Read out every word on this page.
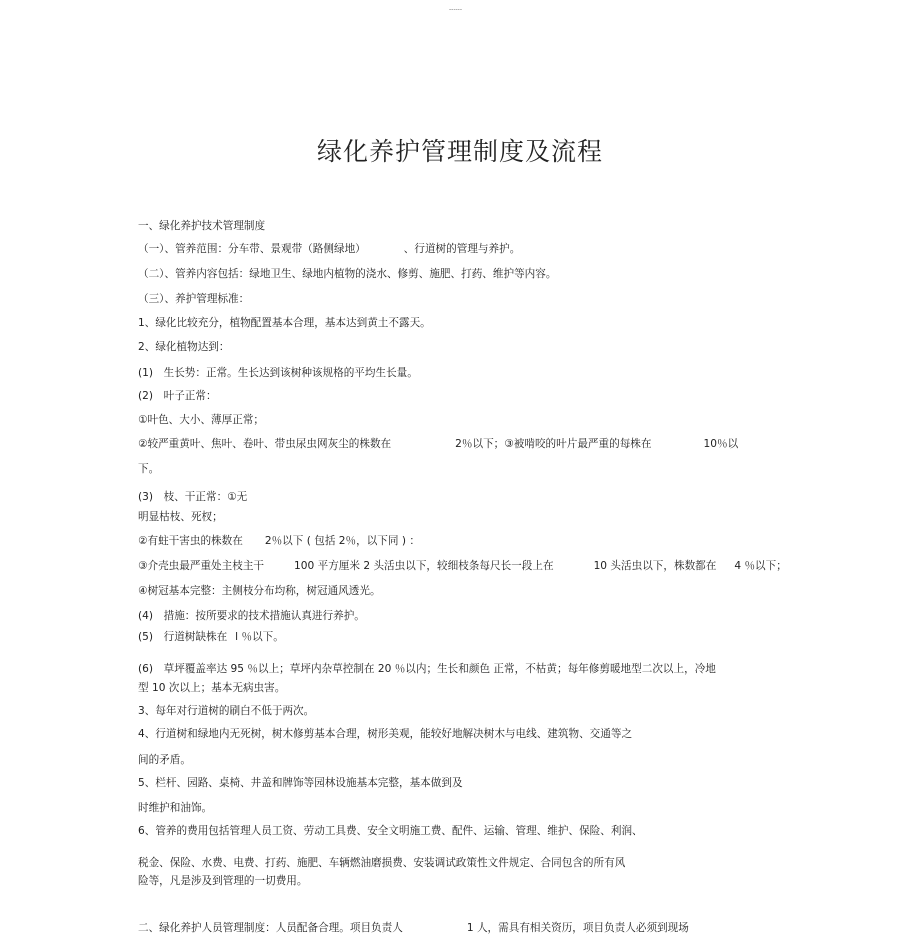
------
绿化养护管理制度及流程
一、绿化养护技术管理制度
（一）、管养范围：分车带、景观带（路侧绿地）	、行道树的管理与养护。
（二）、管养内容包括：绿地卫生、绿地内植物的浇水、修剪、施肥、打药、维护等内容。
（三）、养护管理标准：
1、绿化比较充分，植物配置基本合理，基本达到黄土不露天。
2、绿化植物达到：
(1)　生长势：正常。生长达到该树种该规格的平均生长量。
(2)　叶子正常：
①叶色、大小、薄厚正常；
②较严重黄叶、焦叶、卷叶、带虫尿虫网灰尘的株数在	2％以下；③被啃咬的叶片最严重的每株在	10％以
下。
(3)　枝、干正常：①无
明显枯枝、死杈；
②有蛀干害虫的株数在 2％以下 ( 包括 2％，以下同 ) ：
③介壳虫最严重处主枝主干	100 平方厘米 2 头活虫以下，较细枝条每尺长一段上在	10 头活虫以下，株数都在 4 ％以下；
④树冠基本完整：主侧枝分布均称，树冠通风透光。
(4)　措施：按所要求的技术措施认真进行养护。
(5)　行道树缺株在 l ％以下。
(6)　草坪覆盖率达 95 ％以上；草坪内杂草控制在 20 ％以内；生长和颜色 正常，不枯黄；每年修剪暖地型二次以上，冷地
型 10 次以上；基本无病虫害。
3、每年对行道树的刷白不低于两次。
4、行道树和绿地内无死树，树木修剪基本合理，树形美观，能较好地解决树木与电线、建筑物、交通等之
间的矛盾。
5、栏杆、园路、桌椅、井盖和牌饰等园林设施基本完整，基本做到及
时维护和油饰。
6、管养的费用包括管理人员工资、劳动工具费、安全文明施工费、配件、运输、管理、维护、保险、利润、
税金、保险、水费、电费、打药、施肥、车辆燃油磨损费、安装调试政策性文件规定、合同包含的所有风
险等，凡是涉及到管理的一切费用。
二、绿化养护人员管理制度：人员配备合理。项目负责人	1 人，需具有相关资历，项目负责人必须到现场
